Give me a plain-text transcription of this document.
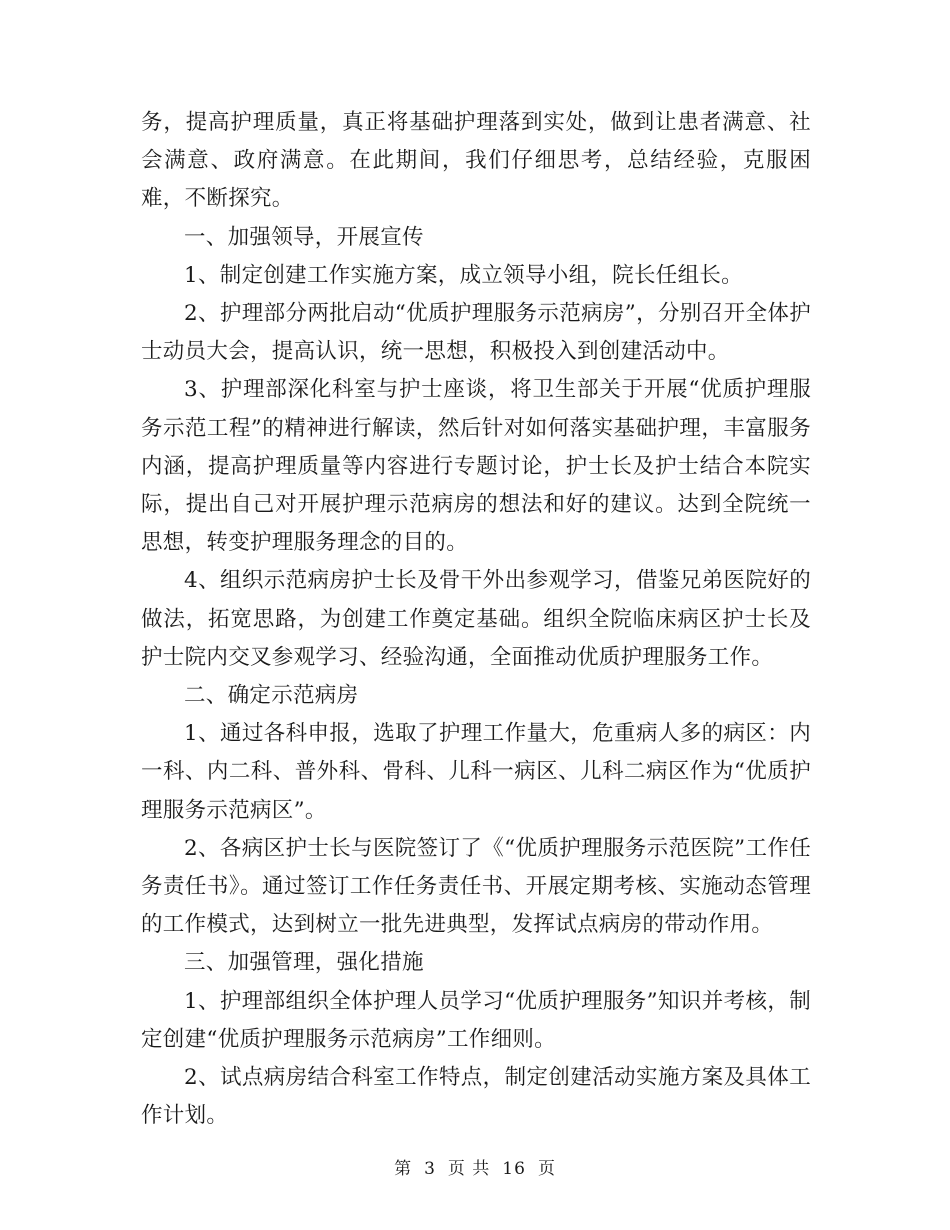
务，提高护理质量，真正将基础护理落到实处，做到让患者满意、社会满意、政府满意。在此期间，我们仔细思考，总结经验，克服困难，不断探究。

一、加强领导，开展宣传

1、制定创建工作实施方案，成立领导小组，院长任组长。

2、护理部分两批启动“优质护理服务示范病房”，分别召开全体护士动员大会，提高认识，统一思想，积极投入到创建活动中。

3、护理部深化科室与护士座谈，将卫生部关于开展“优质护理服务示范工程”的精神进行解读，然后针对如何落实基础护理，丰富服务内涵，提高护理质量等内容进行专题讨论，护士长及护士结合本院实际，提出自己对开展护理示范病房的想法和好的建议。达到全院统一思想，转变护理服务理念的目的。

4、组织示范病房护士长及骨干外出参观学习，借鉴兄弟医院好的做法，拓宽思路，为创建工作奠定基础。组织全院临床病区护士长及护士院内交叉参观学习、经验沟通，全面推动优质护理服务工作。

二、确定示范病房

1、通过各科申报，选取了护理工作量大，危重病人多的病区：内一科、内二科、普外科、骨科、儿科一病区、儿科二病区作为“优质护理服务示范病区”。

2、各病区护士长与医院签订了《“优质护理服务示范医院”工作任务责任书》。通过签订工作任务责任书、开展定期考核、实施动态管理的工作模式，达到树立一批先进典型，发挥试点病房的带动作用。

三、加强管理，强化措施

1、护理部组织全体护理人员学习“优质护理服务”知识并考核，制定创建“优质护理服务示范病房”工作细则。

2、试点病房结合科室工作特点，制定创建活动实施方案及具体工作计划。

第 3 页 共 16 页
